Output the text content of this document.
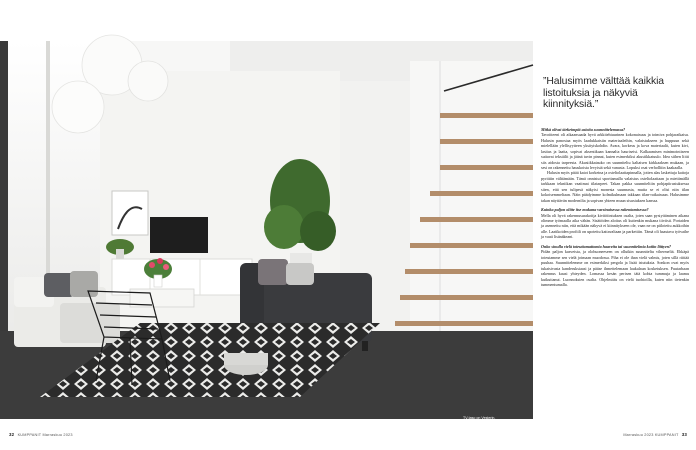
TV-taso on Vesterin,
korinkaa plattaperasa ent
Barramen syvedesvstaa
nen kiertovarast. Aarlo
lyeli-sohvin saanttilet
vaatet päättuet seks-laan.
”Halusimme välttää kaikkia listoituksia ja näkyviä kiinnityksiä.”

Mitkä olivat tärkeimpiä asioita suunnittelemassa?

Tavoitteeni oli aikaansaada hyvä arkkitehtuurinen kokonaisuus ja toimiva pohjaratkaisu. Halusin panostaa myös laadukkaisiin materiaaleihin, valaistukseen ja huppuun sekä mielellään ylellisyytteen yksityiskohdin. Avara, korkeus ja kova materiaalit, kuten kivi, lasitus ja laatta, sopivat aksentikaan kannalta hauriseisi. Kalkaamisen minimointiseen suttavat tekstiilit ja jäänä tuvin pinnat, kuten esimerkiksi akustikkatuulo. Idea siihen liitti siis aidosta tarpeesta. Akustikkatauko on suunniteltu kaltaisen kirkkaaksen mukaan, ja sesi on rakennettu hauskoista levyistä sekä vanusta. Lopuksi osat verholliiin kaakaalla.

Halusin myös pitää katot korkeina ja osteltolaattapinnalla, jotten alas laskettuja kattoja pyrittiin välttämään. Tämä onnistui sporttamalla valaistus osteltolaattaan ja miettimällä tarkkaan tekniikan vaatimat tilatarpeet. Takan pakka suunniteltiin pohjapiirustuksessa siten, että sen tulipesä näkyisi monesta suunnasta, mutta se ei olisi niin tilan kokoisemmeltaan. Näin päädyimme kolmikulmaan takkaan tilan-ratkaisuun. Halusimme takan näyttävän modernilta ja sopivan yhteen muun sisustuksen kanssa.

Kuinka paljon olitte itse mukana varsinaisessa rakentamisessa?

Mella oli hyvä rakennusurakoitja kivitöiintuksen osalta, joten saan pystyttäminen aikana olimme työmaalla aika vähän. Sisätöiden aloitus oli kuitenkin mukana tiiviisti. Portaiden ja asennettu niin, että mikään näkyvä ei kiinnitykseen ole, vaan ne on piilotettu aukkoihin alle. Laatikoiden profiili on upotettu kattavaltaan ja parkettiin. Tämä oli haastava työvaihe ja vaati lisänäkeani.

Onko sinulla vielä toteuttamattomia haaveita tai suunnitelmia kotiin liittyen?

Pidän paljon kasveista, ja olohuoneeseen on ollutkin suunniteltu vihermeliä. Ehkäpä toteutamme sen vielä joimaan muodossa. Piha ei ole ihan vielä valmis, joten sillä riittää puuhaa. Suunnittelemme on esimerkiksi pergola ja lisää istutuksia. Sonkon ovat myös tukaisivasta kanderuksiaasi ja pääse ihmettelemaan laukalaun kosketuksen. Puutarhaan rakennus kausi yhteyden. Lomassa kesän perisen tätä kohta tummuja ja laamu kutkuttanut. Luonnoksien osalta. Ohjelmitäs on vielä tuohioilla, kuten niin tietenkin tummentumalla.

32 KUMPPANIT Marraskuu 2023	Marraskuu 2023 KUMPPANIT 33
